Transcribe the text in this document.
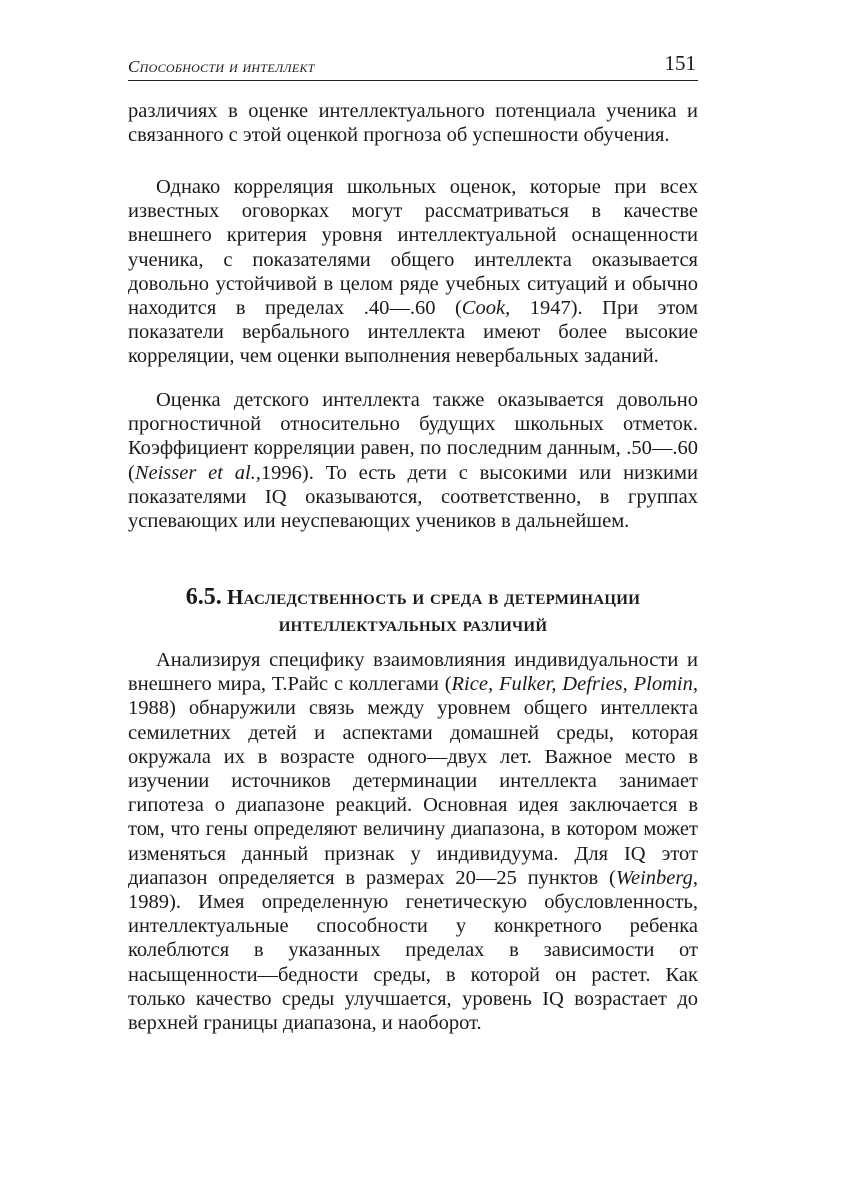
Способности и интеллект	151

различиях в оценке интеллектуального потенциала ученика и связанного с этой оценкой прогноза об успешности обучения.

Однако корреляция школьных оценок, которые при всех известных оговорках могут рассматриваться в качестве внешнего критерия уровня интеллектуальной оснащенности ученика, с показателями общего интеллекта оказывается довольно устойчивой в целом ряде учебных ситуаций и обычно находится в пределах .40—.60 (Cook, 1947). При этом показатели вербального интеллекта имеют более высокие корреляции, чем оценки выполнения невербальных заданий.

Оценка детского интеллекта также оказывается довольно прогностичной относительно будущих школьных отметок. Коэффициент корреляции равен, по последним данным, .50—.60 (Neisser et al.,1996). То есть дети с высокими или низкими показателями IQ оказываются, соответственно, в группах успевающих или неуспевающих учеников в дальнейшем.

6.5. Наследственность и среда в детерминации
интеллектуальных различий

Анализируя специфику взаимовлияния индивидуальности и внешнего мира, Т.Райс с коллегами (Rice, Fulker, Defries, Plomin, 1988) обнаружили связь между уровнем общего интеллекта семилетних детей и аспектами домашней среды, которая окружала их в возрасте одного—двух лет. Важное место в изучении источников детерминации интеллекта занимает гипотеза о диапазоне реакций. Основная идея заключается в том, что гены определяют величину диапазона, в котором может изменяться данный признак у индивидуума. Для IQ этот диапазон определяется в размерах 20—25 пунктов (Weinberg, 1989). Имея определенную генетическую обусловленность, интеллектуальные способности у конкретного ребенка колеблются в указанных пределах в зависимости от насыщенности—бедности среды, в которой он растет. Как только качество среды улучшается, уровень IQ возрастает до верхней границы диапазона, и наоборот.
